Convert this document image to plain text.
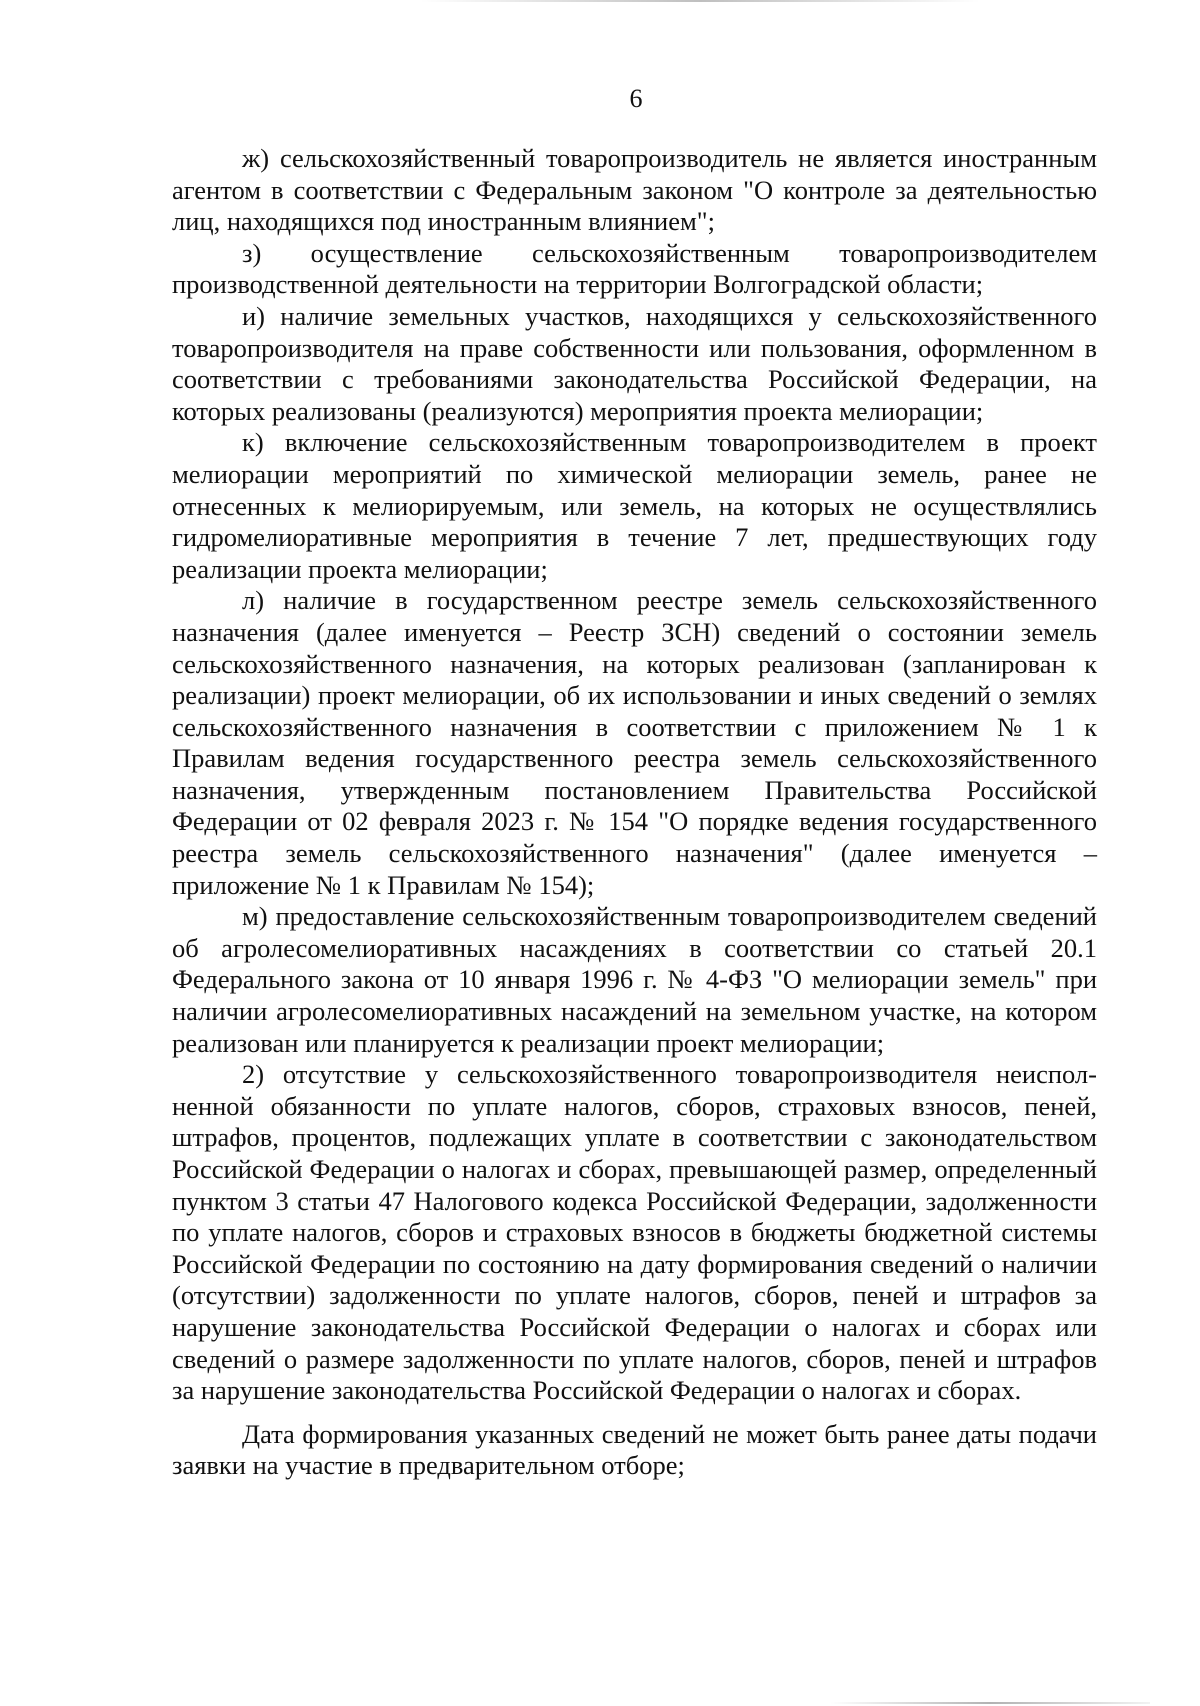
6

ж) сельскохозяйственный товаропроизводитель не является иностранным агентом в соответствии с Федеральным законом "О контроле за деятельностью лиц, находящихся под иностранным влиянием";

з) осуществление сельскохозяйственным товаропроизводителем производственной деятельности на территории Волгоградской области;

и) наличие земельных участков, находящихся у сельскохозяйственного товаропроизводителя на праве собственности или пользования, оформленном в соответствии с требованиями законодательства Российской Федерации, на которых реализованы (реализуются) мероприятия проекта мелиорации;

к) включение сельскохозяйственным товаропроизводителем в проект мелиорации мероприятий по химической мелиорации земель, ранее не отнесенных к мелиорируемым, или земель, на которых не осуществлялись гидромелиоративные мероприятия в течение 7 лет, предшествующих году реализации проекта мелиорации;

л) наличие в государственном реестре земель сельскохозяйственного назначения (далее именуется – Реестр ЗСН) сведений о состоянии земель сельскохозяйственного назначения, на которых реализован (запланирован к реализации) проект мелиорации, об их использовании и иных сведений о землях сельскохозяйственного назначения в соответствии с приложением № 1 к Правилам ведения государственного реестра земель сельскохозяйственного назначения, утвержденным постановлением Правительства Российской Федерации от 02 февраля 2023 г. № 154 "О порядке ведения государственного реестра земель сельскохозяйственного назначения" (далее именуется – приложение № 1 к Правилам № 154);

м) предоставление сельскохозяйственным товаропроизводителем сведений об агролесомелиоративных насаждениях в соответствии со статьей 20.1 Федерального закона от 10 января 1996 г. № 4-ФЗ "О мелиорации земель" при наличии агролесомелиоративных насаждений на земельном участке, на котором реализован или планируется к реализации проект мелиорации;

2) отсутствие у сельскохозяйственного товаропроизводителя неисполненной обязанности по уплате налогов, сборов, страховых взносов, пеней, штрафов, процентов, подлежащих уплате в соответствии с законодательством Российской Федерации о налогах и сборах, превышающей размер, определенный пунктом 3 статьи 47 Налогового кодекса Российской Федерации, задолженности по уплате налогов, сборов и страховых взносов в бюджеты бюджетной системы Российской Федерации по состоянию на дату формирования сведений о наличии (отсутствии) задолженности по уплате налогов, сборов, пеней и штрафов за нарушение законодательства Российской Федерации о налогах и сборах или сведений о размере задолженности по уплате налогов, сборов, пеней и штрафов за нарушение законодательства Российской Федерации о налогах и сборах.

Дата формирования указанных сведений не может быть ранее даты подачи заявки на участие в предварительном отборе;
